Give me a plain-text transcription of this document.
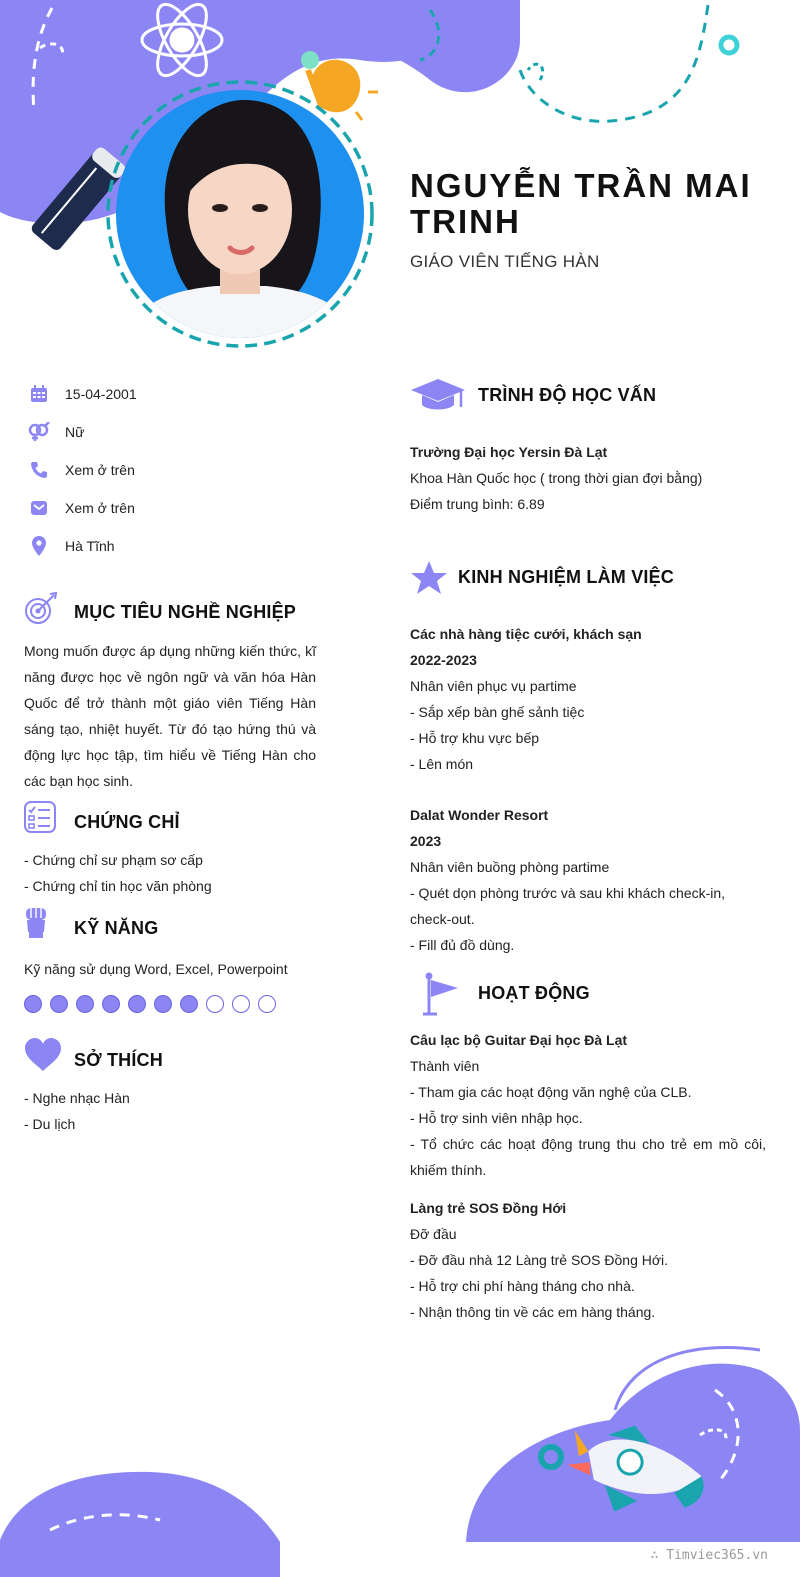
NGUYỄN TRẦN MAI TRINH
GIÁO VIÊN TIẾNG HÀN
15-04-2001
Nữ
Xem ở trên
Xem ở trên
Hà Tĩnh
MỤC TIÊU NGHỀ NGHIỆP
Mong muốn được áp dụng những kiến thức, kĩ năng được học về ngôn ngữ và văn hóa Hàn Quốc để trở thành một giáo viên Tiếng Hàn sáng tạo, nhiệt huyết. Từ đó tạo hứng thú và động lực học tập, tìm hiểu về Tiếng Hàn cho các bạn học sinh.
CHỨNG CHỈ
- Chứng chỉ sư phạm sơ cấp
- Chứng chỉ tin học văn phòng
KỸ NĂNG
Kỹ năng sử dụng Word, Excel, Powerpoint
SỞ THÍCH
- Nghe nhạc Hàn
- Du lịch
TRÌNH ĐỘ HỌC VẤN
Trường Đại học Yersin Đà Lạt
Khoa Hàn Quốc học ( trong thời gian đợi bằng)
Điểm trung bình: 6.89
KINH NGHIỆM LÀM VIỆC
Các nhà hàng tiệc cưới, khách sạn
2022-2023
Nhân viên phục vụ partime
- Sắp xếp bàn ghế sảnh tiệc
- Hỗ trợ khu vực bếp
- Lên món
Dalat Wonder Resort
2023
Nhân viên buồng phòng partime
- Quét dọn phòng trước và sau khi khách check-in, check-out.
- Fill đủ đồ dùng.
HOẠT ĐỘNG
Câu lạc bộ Guitar Đại học Đà Lạt
Thành viên
- Tham gia các hoạt động văn nghệ của CLB.
- Hỗ trợ sinh viên nhập học.
- Tổ chức các hoạt động trung thu cho trẻ em mồ côi, khiếm thính.
Làng trẻ SOS Đồng Hới
Đỡ đầu
- Đỡ đầu nhà 12 Làng trẻ SOS Đồng Hới.
- Hỗ trợ chi phí hàng tháng cho nhà.
- Nhận thông tin về các em hàng tháng.
∴ Timviec365.vn
